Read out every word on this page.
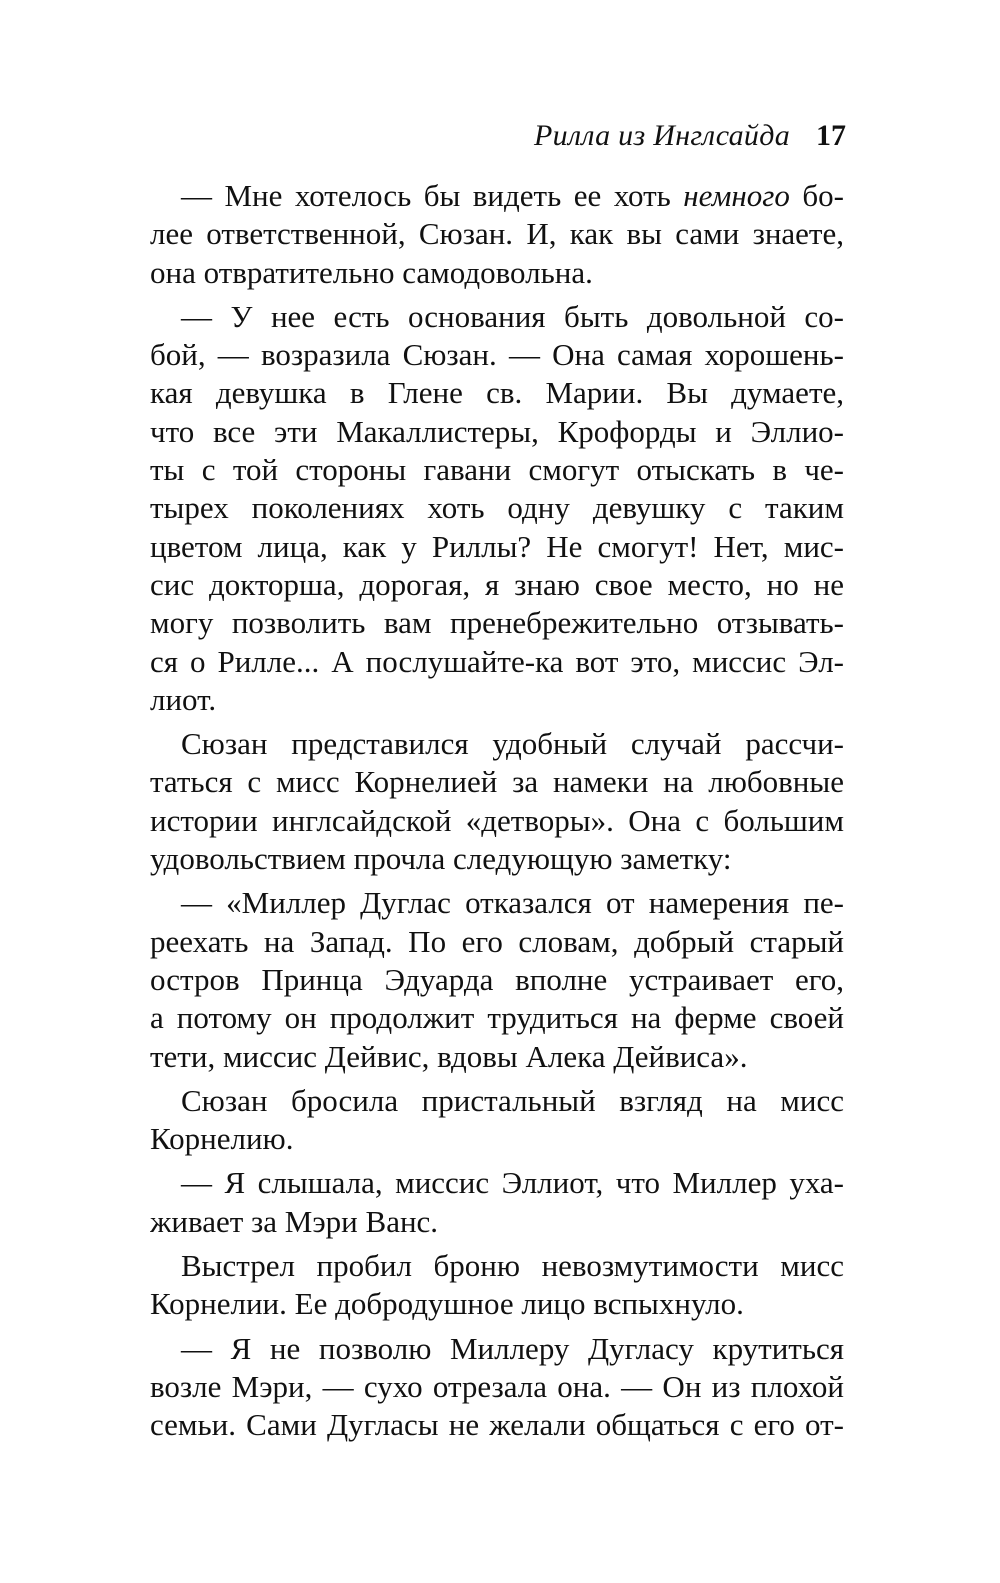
Рилла из Инглсайда 17
— Мне хотелось бы видеть ее хоть немного бо-
лее ответственной, Сюзан. И, как вы сами знаете,
она отвратительно самодовольна.
— У нее есть основания быть довольной со-
бой, — возразила Сюзан. — Она самая хорошень-
кая девушка в Глене св. Марии. Вы думаете,
что все эти Макаллистеры, Крофорды и Эллио-
ты с той стороны гавани смогут отыскать в че-
тырех поколениях хоть одну девушку с таким
цветом лица, как у Риллы? Не смогут! Нет, мис-
сис докторша, дорогая, я знаю свое место, но не
могу позволить вам пренебрежительно отзывать-
ся о Рилле... А послушайте-ка вот это, миссис Эл-
лиот.
Сюзан представился удобный случай рассчи-
таться с мисс Корнелией за намеки на любовные
истории инглсайдской «детворы». Она с большим
удовольствием прочла следующую заметку:
— «Миллер Дуглас отказался от намерения пе-
реехать на Запад. По его словам, добрый старый
остров Принца Эдуарда вполне устраивает его,
а потому он продолжит трудиться на ферме своей
тети, миссис Дейвис, вдовы Алека Дейвиса».
Сюзан бросила пристальный взгляд на мисс
Корнелию.
— Я слышала, миссис Эллиот, что Миллер уха-
живает за Мэри Ванс.
Выстрел пробил броню невозмутимости мисс
Корнелии. Ее добродушное лицо вспыхнуло.
— Я не позволю Миллеру Дугласу крутиться
возле Мэри, — сухо отрезала она. — Он из плохой
семьи. Сами Дугласы не желали общаться с его от-
